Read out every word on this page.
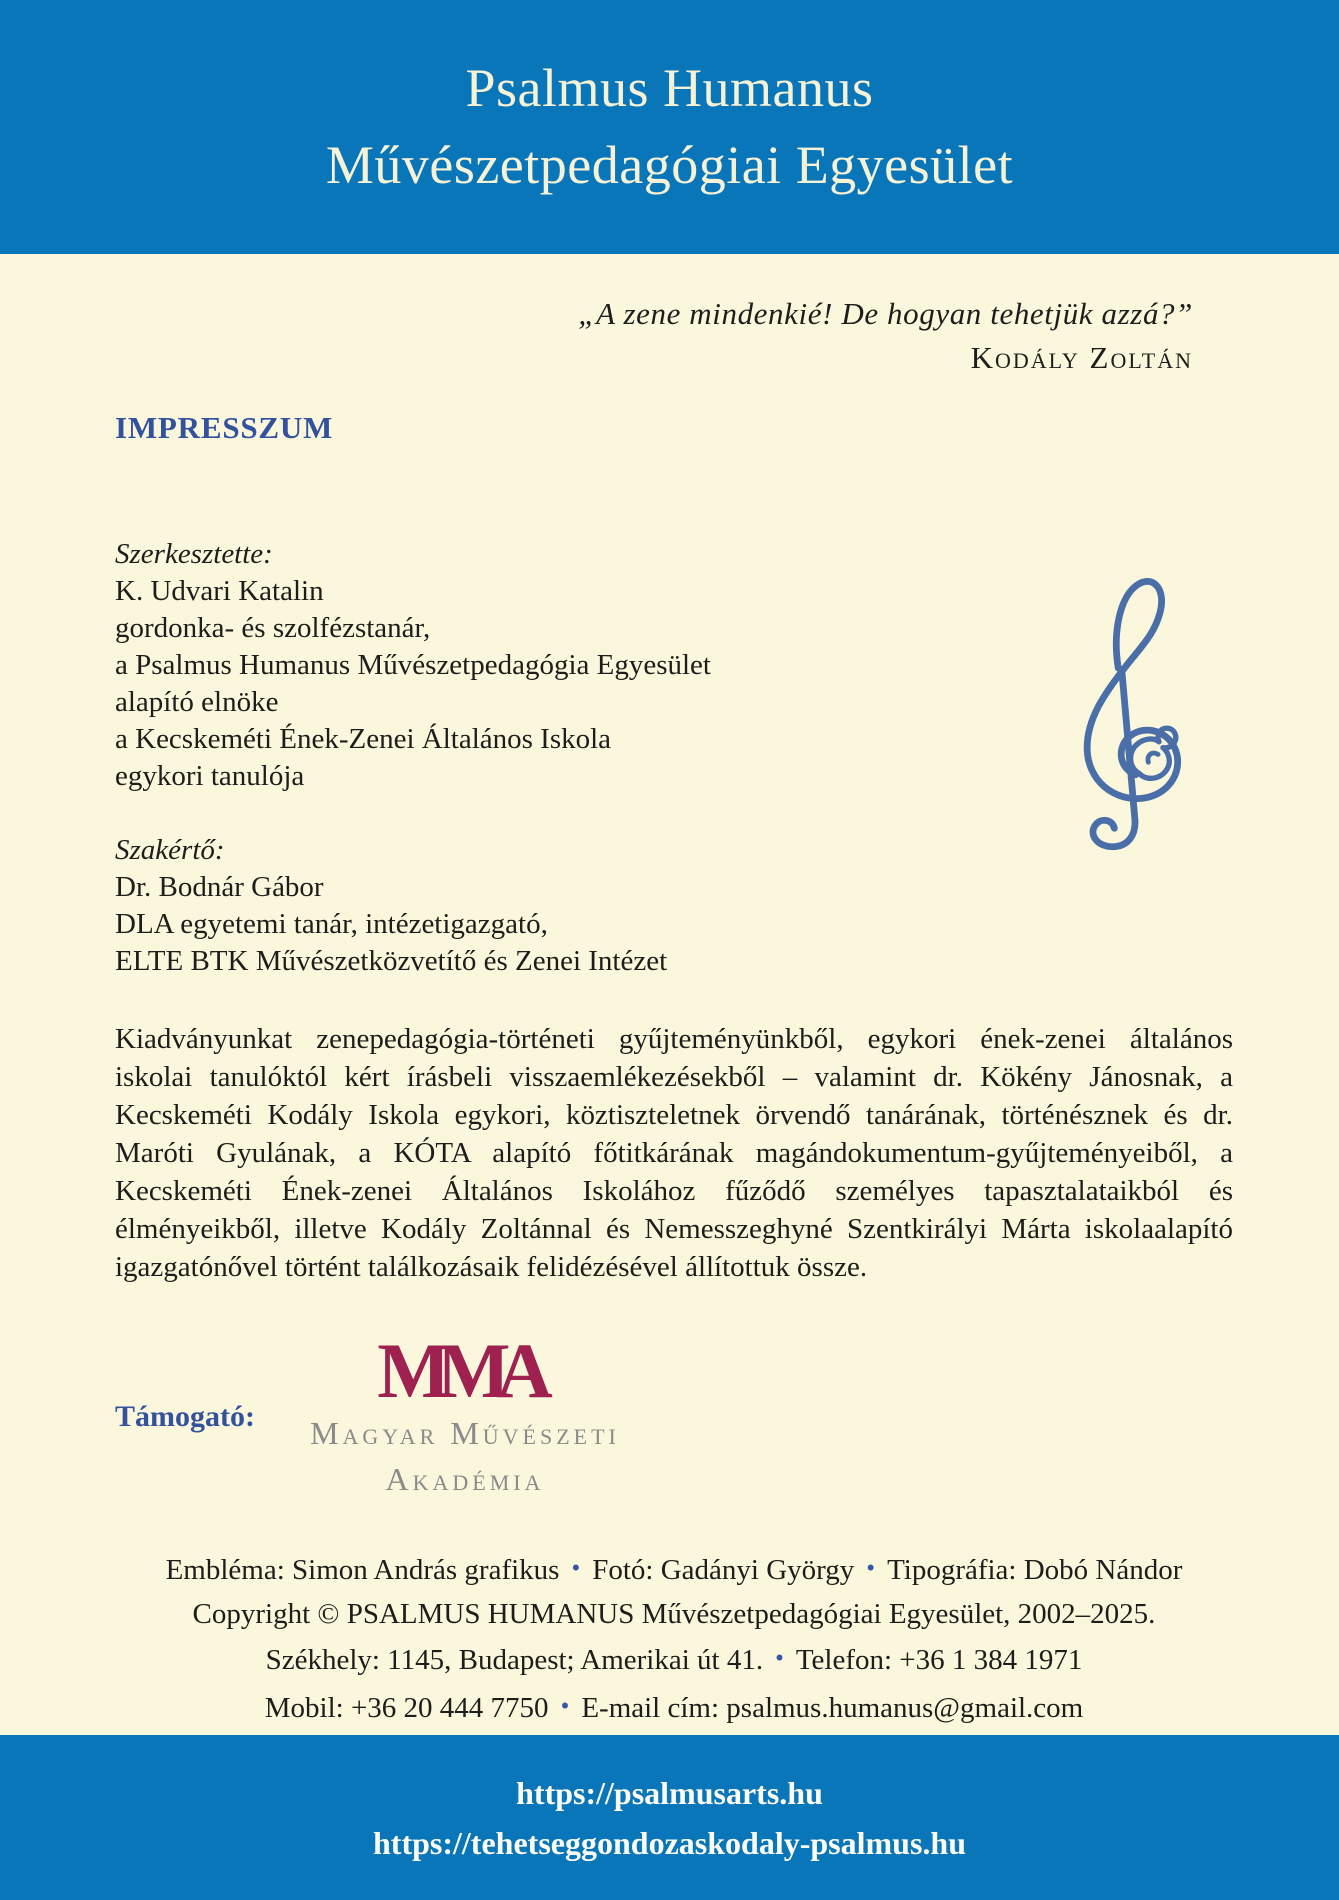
Psalmus Humanus
Művészetpedagógiai Egyesület
„A zene mindenkié! De hogyan tehetjük azzá?”
Kodály Zoltán
IMPRESSZUM
Szerkesztette:
K. Udvari Katalin
gordonka- és szolfézstanár,
a Psalmus Humanus Művészetpedagógia Egyesület
alapító elnöke
a Kecskeméti Ének-Zenei Általános Iskola
egykori tanulója
Szakértő:
Dr. Bodnár Gábor
DLA egyetemi tanár, intézetigazgató,
ELTE BTK Művészetközvetítő és Zenei Intézet
Kiadványunkat zenepedagógia-történeti gyűjteményünkből, egykori ének-zenei általános iskolai tanulóktól kért írásbeli visszaemlékezésekből – valamint dr. Kökény Jánosnak, a Kecskeméti Kodály Iskola egykori, köztiszteletnek örvendő tanárának, történésznek és dr. Maróti Gyulának, a KÓTA alapító főtitkárának magándokumentum-gyűjteményeiből, a Kecskeméti Ének-zenei Általános Iskolához fűződő személyes tapasztalataikból és élményeikből, illetve Kodály Zoltánnal és Nemesszeghyné Szentkirályi Márta iskolaalapító igazgatónővel történt találkozásaik felidézésével állítottuk össze.
Támogató:
MMA
Magyar Művészeti
Akadémia
Embléma: Simon András grafikus • Fotó: Gadányi György • Tipográfia: Dobó Nándor
Copyright © PSALMUS HUMANUS Művészetpedagógiai Egyesület, 2002–2025.
Székhely: 1145, Budapest; Amerikai út 41. • Telefon: +36 1 384 1971
Mobil: +36 20 444 7750 • E-mail cím: psalmus.humanus@gmail.com
https://psalmusarts.hu
https://tehetseggondozaskodaly-psalmus.hu
